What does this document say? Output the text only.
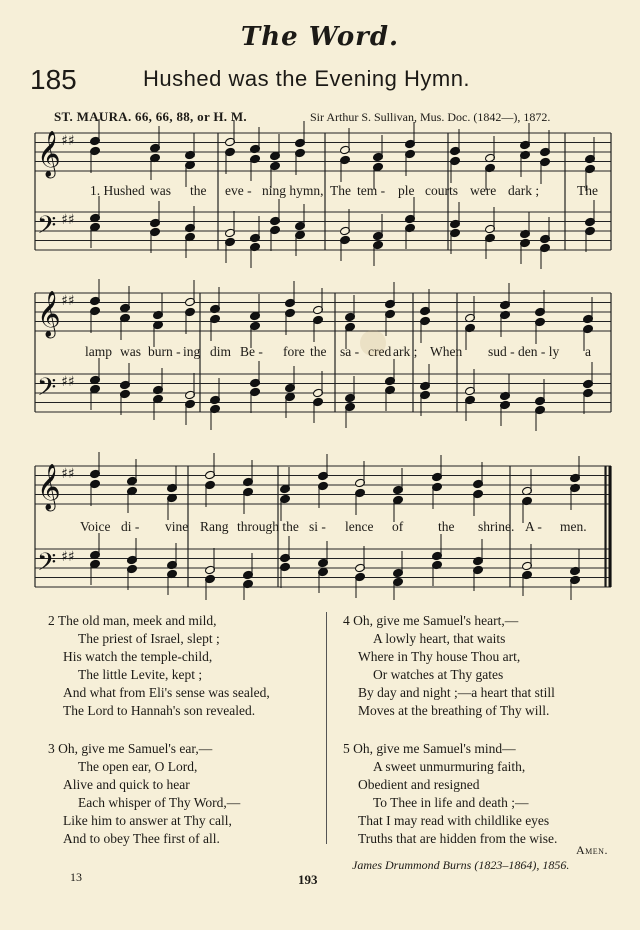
The Word.
185	Hushed was the Evening Hymn.
ST. MAURA. 66, 66, 88, or H. M.	Sir Arthur S. Sullivan, Mus. Doc. (1842—), 1872.
𝄞 ♯♯
𝄢 ♯♯
𝄞 ♯♯
𝄢 ♯♯
𝄞 ♯♯
𝄢 ♯♯
1. Hushed was the eve - ning hymn, The tem - ple courts were dark ;	The
lamp was burn - ing dim Be - fore the sa - cred ark ; When sud - den - ly a
Voice di - vine Rang through the si - lence of	the shrine. A - men.
2 The old man, meek and mild,
The priest of Israel, slept ;
His watch the temple-child,
The little Levite, kept ;
And what from Eli's sense was sealed,
The Lord to Hannah's son revealed.
3 Oh, give me Samuel's ear,—
The open ear, O Lord,
Alive and quick to hear
Each whisper of Thy Word,—
Like him to answer at Thy call,
And to obey Thee first of all.
4 Oh, give me Samuel's heart,—
A lowly heart, that waits
Where in Thy house Thou art,
Or watches at Thy gates
By day and night ;—a heart that still
Moves at the breathing of Thy will.
5 Oh, give me Samuel's mind—
A sweet unmurmuring faith,
Obedient and resigned
To Thee in life and death ;—
That I may read with childlike eyes
Truths that are hidden from the wise.
Amen.
James Drummond Burns (1823–1864), 1856.
13	193
